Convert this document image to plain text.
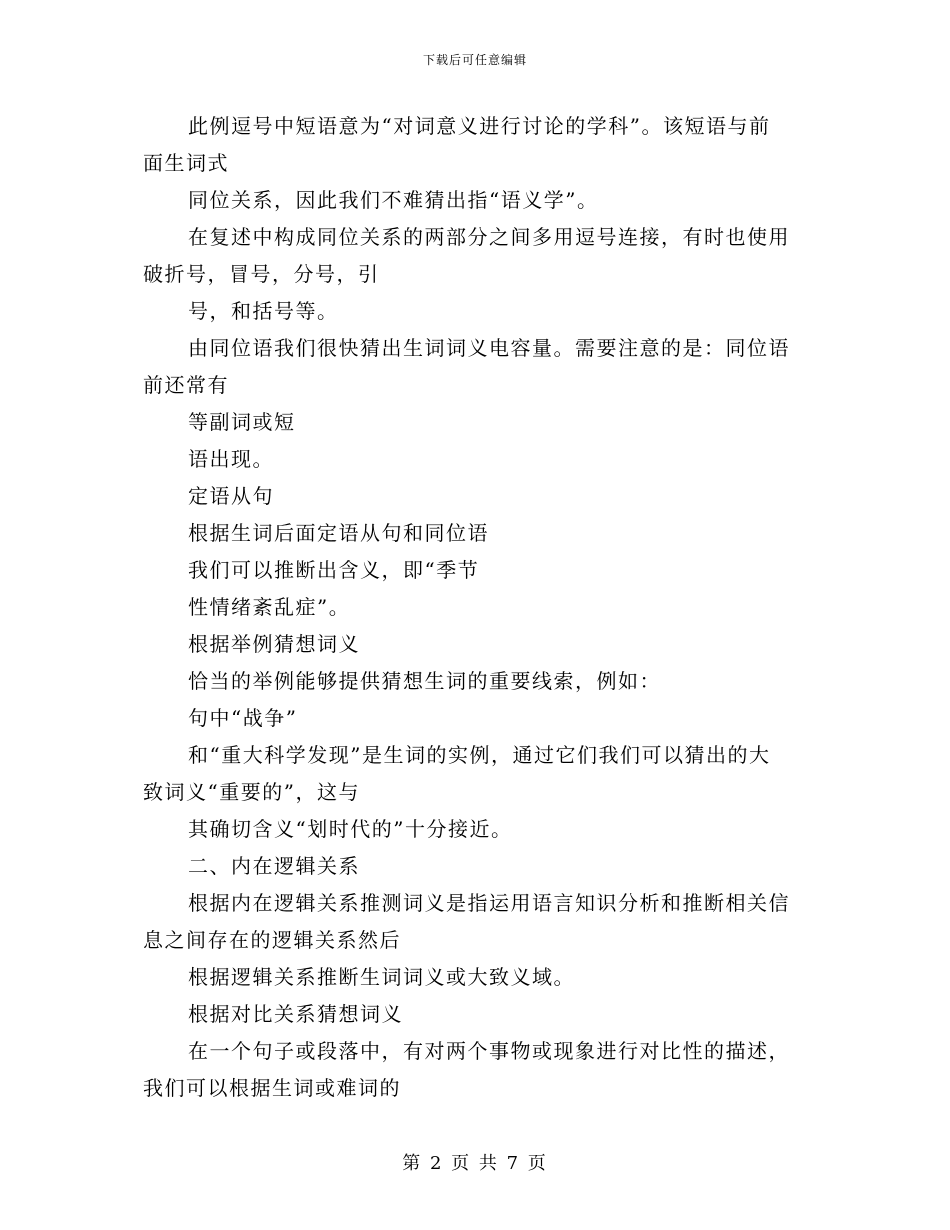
下载后可任意编辑

此例逗号中短语意为“对词意义进行讨论的学科”。该短语与前
面生词式

同位关系，因此我们不难猜出指“语义学”。

在复述中构成同位关系的两部分之间多用逗号连接，有时也使用
破折号，冒号，分号，引

号，和括号等。

由同位语我们很快猜出生词词义电容量。需要注意的是：同位语
前还常有

等副词或短

语出现。

定语从句

根据生词后面定语从句和同位语

我们可以推断出含义，即“季节

性情绪紊乱症”。

根据举例猜想词义

恰当的举例能够提供猜想生词的重要线索，例如：

句中“战争”

和“重大科学发现”是生词的实例，通过它们我们可以猜出的大
致词义“重要的”，这与

其确切含义“划时代的”十分接近。

二、内在逻辑关系

根据内在逻辑关系推测词义是指运用语言知识分析和推断相关信
息之间存在的逻辑关系然后

根据逻辑关系推断生词词义或大致义域。

根据对比关系猜想词义

在一个句子或段落中，有对两个事物或现象进行对比性的描述，
我们可以根据生词或难词的

第 2 页 共 7 页
